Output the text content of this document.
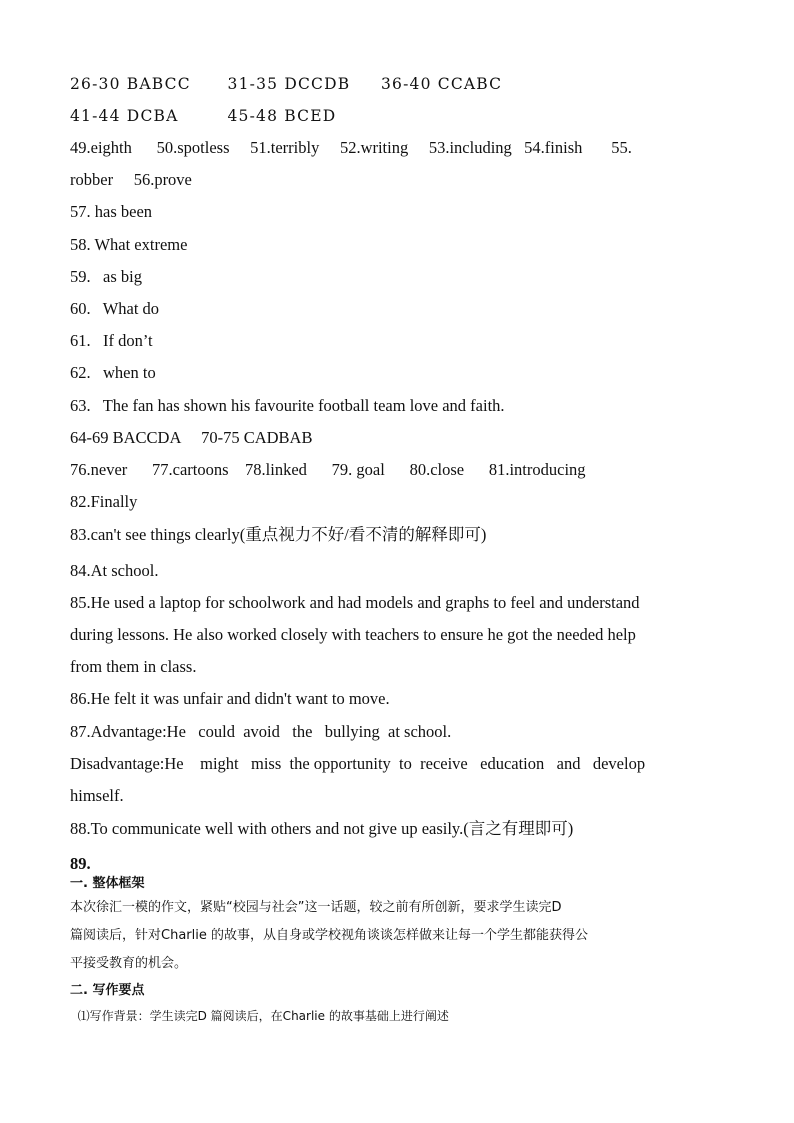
26-30 BABCC      31-35 DCCDB     36-40 CCABC

41-44 DCBA        45-48 BCED

49.eighth      50.spotless     51.terribly     52.writing     53.including   54.finish       55.

robber     56.prove

57. has been

58. What extreme

59.   as big

60.   What do

61.   If don’t

62.   when to

63.   The fan has shown his favourite football team love and faith.

64-69 BACCDA     70-75 CADBAB

76.never      77.cartoons    78.linked      79. goal      80.close      81.introducing

82.Finally

83.can't see things clearly(重点视力不好/看不清的解释即可)

84.At school.

85.He used a laptop for schoolwork and had models and graphs to feel and understand

during lessons. He also worked closely with teachers to ensure he got the needed help

from them in class.

86.He felt it was unfair and didn't want to move.

87.Advantage:He   could  avoid   the   bullying  at school.

Disadvantage:He    might   miss  the opportunity  to  receive   education   and   develop

himself.

88.To communicate well with others and not give up easily.(言之有理即可)

89.

一. 整体框架

本次徐汇一模的作文，紧贴“校园与社会”这一话题，较之前有所创新，要求学生读完D

篇阅读后，针对Charlie 的故事，从自身或学校视角谈谈怎样做来让每一个学生都能获得公

平接受教育的机会。

二. 写作要点

⑴写作背景：学生读完D 篇阅读后，在Charlie 的故事基础上进行阐述
